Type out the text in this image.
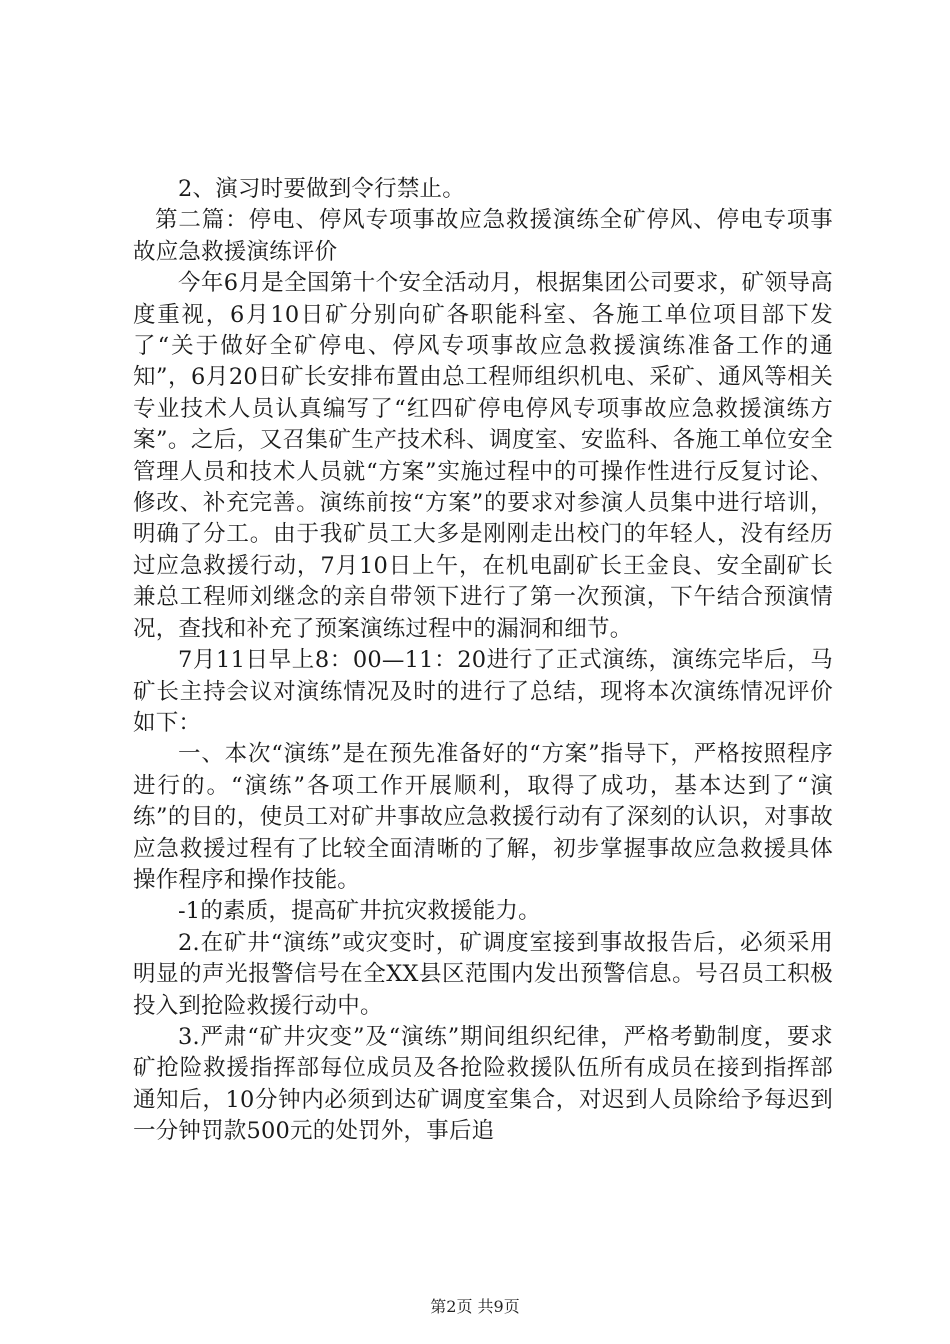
2、演习时要做到令行禁止。

第二篇：停电、停风专项事故应急救援演练全矿停风、停电专项事故应急救援演练评价

今年6月是全国第十个安全活动月，根据集团公司要求，矿领导高度重视，6月10日矿分别向矿各职能科室、各施工单位项目部下发了“关于做好全矿停电、停风专项事故应急救援演练准备工作的通知”，6月20日矿长安排布置由总工程师组织机电、采矿、通风等相关专业技术人员认真编写了“红四矿停电停风专项事故应急救援演练方案”。之后，又召集矿生产技术科、调度室、安监科、各施工单位安全管理人员和技术人员就“方案”实施过程中的可操作性进行反复讨论、修改、补充完善。演练前按“方案”的要求对参演人员集中进行培训，明确了分工。由于我矿员工大多是刚刚走出校门的年轻人，没有经历过应急救援行动，7月10日上午，在机电副矿长王金良、安全副矿长兼总工程师刘继念的亲自带领下进行了第一次预演，下午结合预演情况，查找和补充了预案演练过程中的漏洞和细节。

7月11日早上8：00—11：20进行了正式演练，演练完毕后，马矿长主持会议对演练情况及时的进行了总结，现将本次演练情况评价如下：

一、本次“演练”是在预先准备好的“方案”指导下，严格按照程序进行的。“演练”各项工作开展顺利，取得了成功，基本达到了“演练”的目的，使员工对矿井事故应急救援行动有了深刻的认识，对事故应急救援过程有了比较全面清晰的了解，初步掌握事故应急救援具体操作程序和操作技能。

-1的素质，提高矿井抗灾救援能力。

2.在矿井“演练”或灾变时，矿调度室接到事故报告后，必须采用明显的声光报警信号在全XX县区范围内发出预警信息。号召员工积极投入到抢险救援行动中。

3.严肃“矿井灾变”及“演练”期间组织纪律，严格考勤制度，要求矿抢险救援指挥部每位成员及各抢险救援队伍所有成员在接到指挥部通知后，10分钟内必须到达矿调度室集合，对迟到人员除给予每迟到一分钟罚款500元的处罚外，事后追

第2页 共9页
